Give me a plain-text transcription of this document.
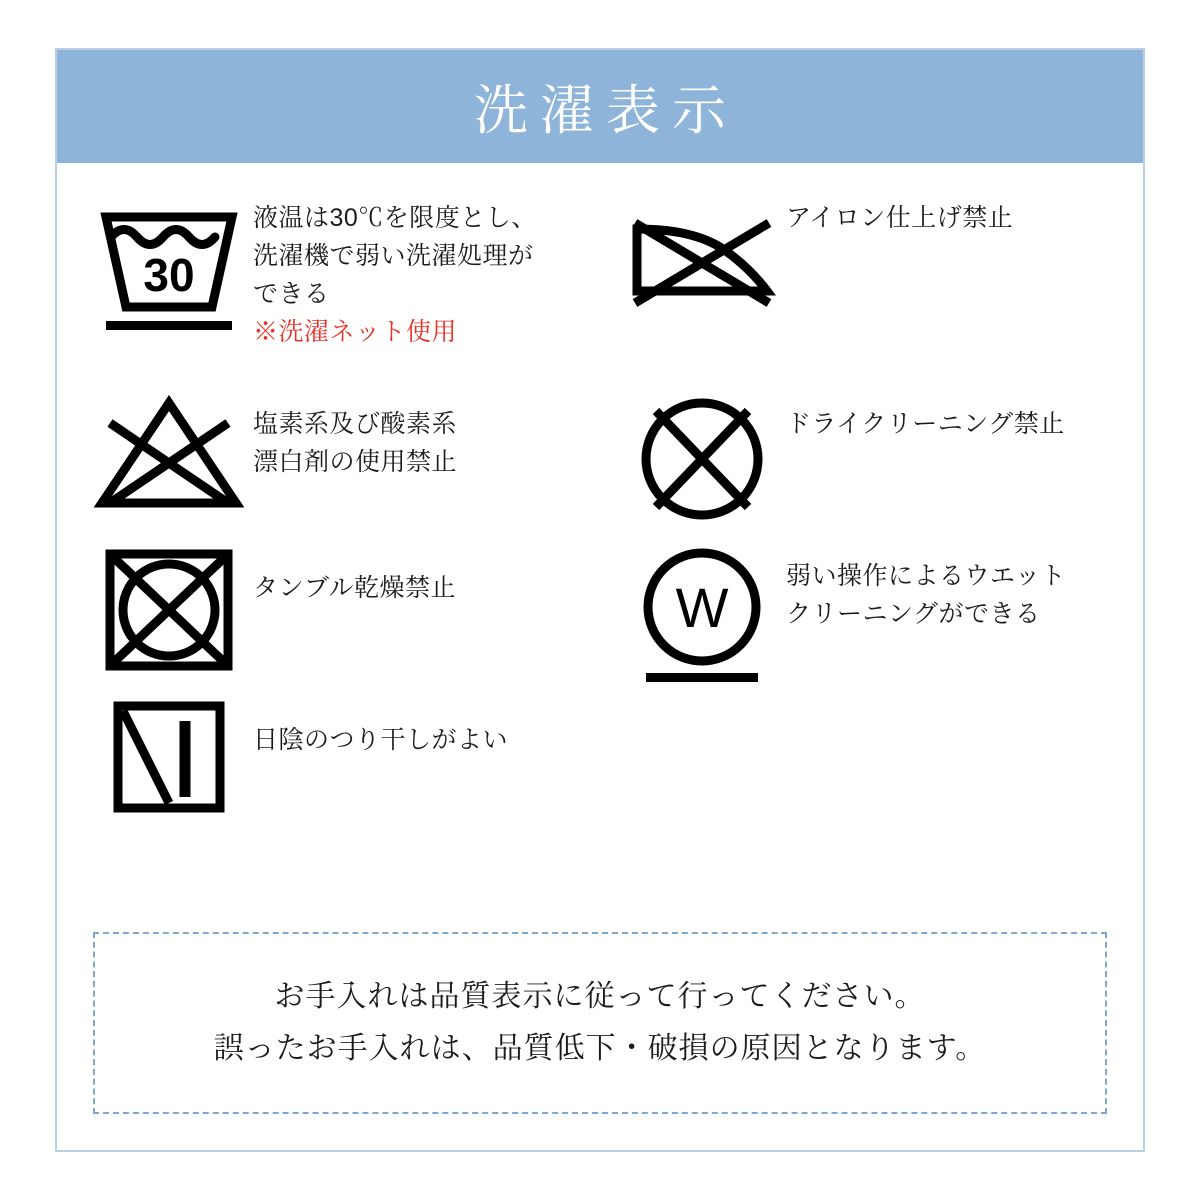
洗濯表示
30
液温は30℃を限度とし、
洗濯機で弱い洗濯処理が
できる
※洗濯ネット使用
塩素系及び酸素系
漂白剤の使用禁止
タンブル乾燥禁止
日陰のつり干しがよい
アイロン仕上げ禁止
ドライクリーニング禁止
W 弱い操作によるウエット
クリーニングができる
お手入れは品質表示に従って行ってください。
誤ったお手入れは、品質低下・破損の原因となります。
